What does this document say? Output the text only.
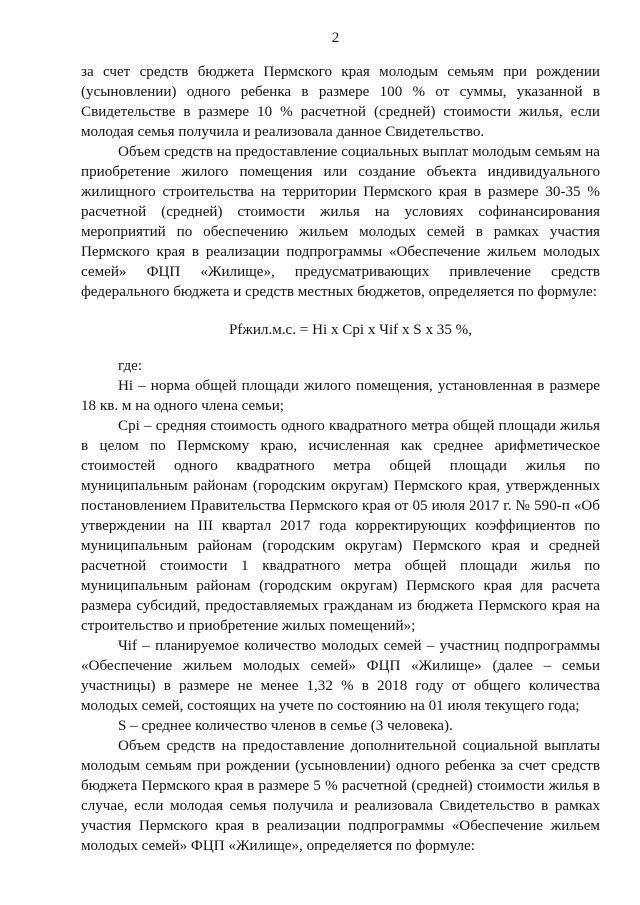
2

за счет средств бюджета Пермского края молодым семьям при рождении (усыновлении) одного ребенка в размере 100 % от суммы, указанной в Свидетельстве в размере 10 % расчетной (средней) стоимости жилья, если молодая семья получила и реализовала данное Свидетельство.

Объем средств на предоставление социальных выплат молодым семьям на приобретение жилого помещения или создание объекта индивидуального жилищного строительства на территории Пермского края в размере 30-35 % расчетной (средней) стоимости жилья на условиях софинансирования мероприятий по обеспечению жильем молодых семей в рамках участия Пермского края в реализации подпрограммы «Обеспечение жильем молодых семей» ФЦП «Жилище», предусматривающих привлечение средств федерального бюджета и средств местных бюджетов, определяется по формуле:

Pfжил.м.с. = Hi х Cpi х Чif х S х 35 %,

где:

Hi – норма общей площади жилого помещения, установленная в размере 18 кв. м на одного члена семьи;

Cpi – средняя стоимость одного квадратного метра общей площади жилья в целом по Пермскому краю, исчисленная как среднее арифметическое стоимостей одного квадратного метра общей площади жилья по муниципальным районам (городским округам) Пермского края, утвержденных постановлением Правительства Пермского края от 05 июля 2017 г. № 590-п «Об утверждении на III квартал 2017 года корректирующих коэффициентов по муниципальным районам (городским округам) Пермского края и средней расчетной стоимости 1 квадратного метра общей площади жилья по муниципальным районам (городским округам) Пермского края для расчета размера субсидий, предоставляемых гражданам из бюджета Пермского края на строительство и приобретение жилых помещений»;

Чif – планируемое количество молодых семей – участниц подпрограммы «Обеспечение жильем молодых семей» ФЦП «Жилище» (далее – семьи участницы) в размере не менее 1,32 % в 2018 году от общего количества молодых семей, состоящих на учете по состоянию на 01 июля текущего года;

S – среднее количество членов в семье (3 человека).

Объем средств на предоставление дополнительной социальной выплаты молодым семьям при рождении (усыновлении) одного ребенка за счет средств бюджета Пермского края в размере 5 % расчетной (средней) стоимости жилья в случае, если молодая семья получила и реализовала Свидетельство в рамках участия Пермского края в реализации подпрограммы «Обеспечение жильем молодых семей» ФЦП «Жилище», определяется по формуле:
